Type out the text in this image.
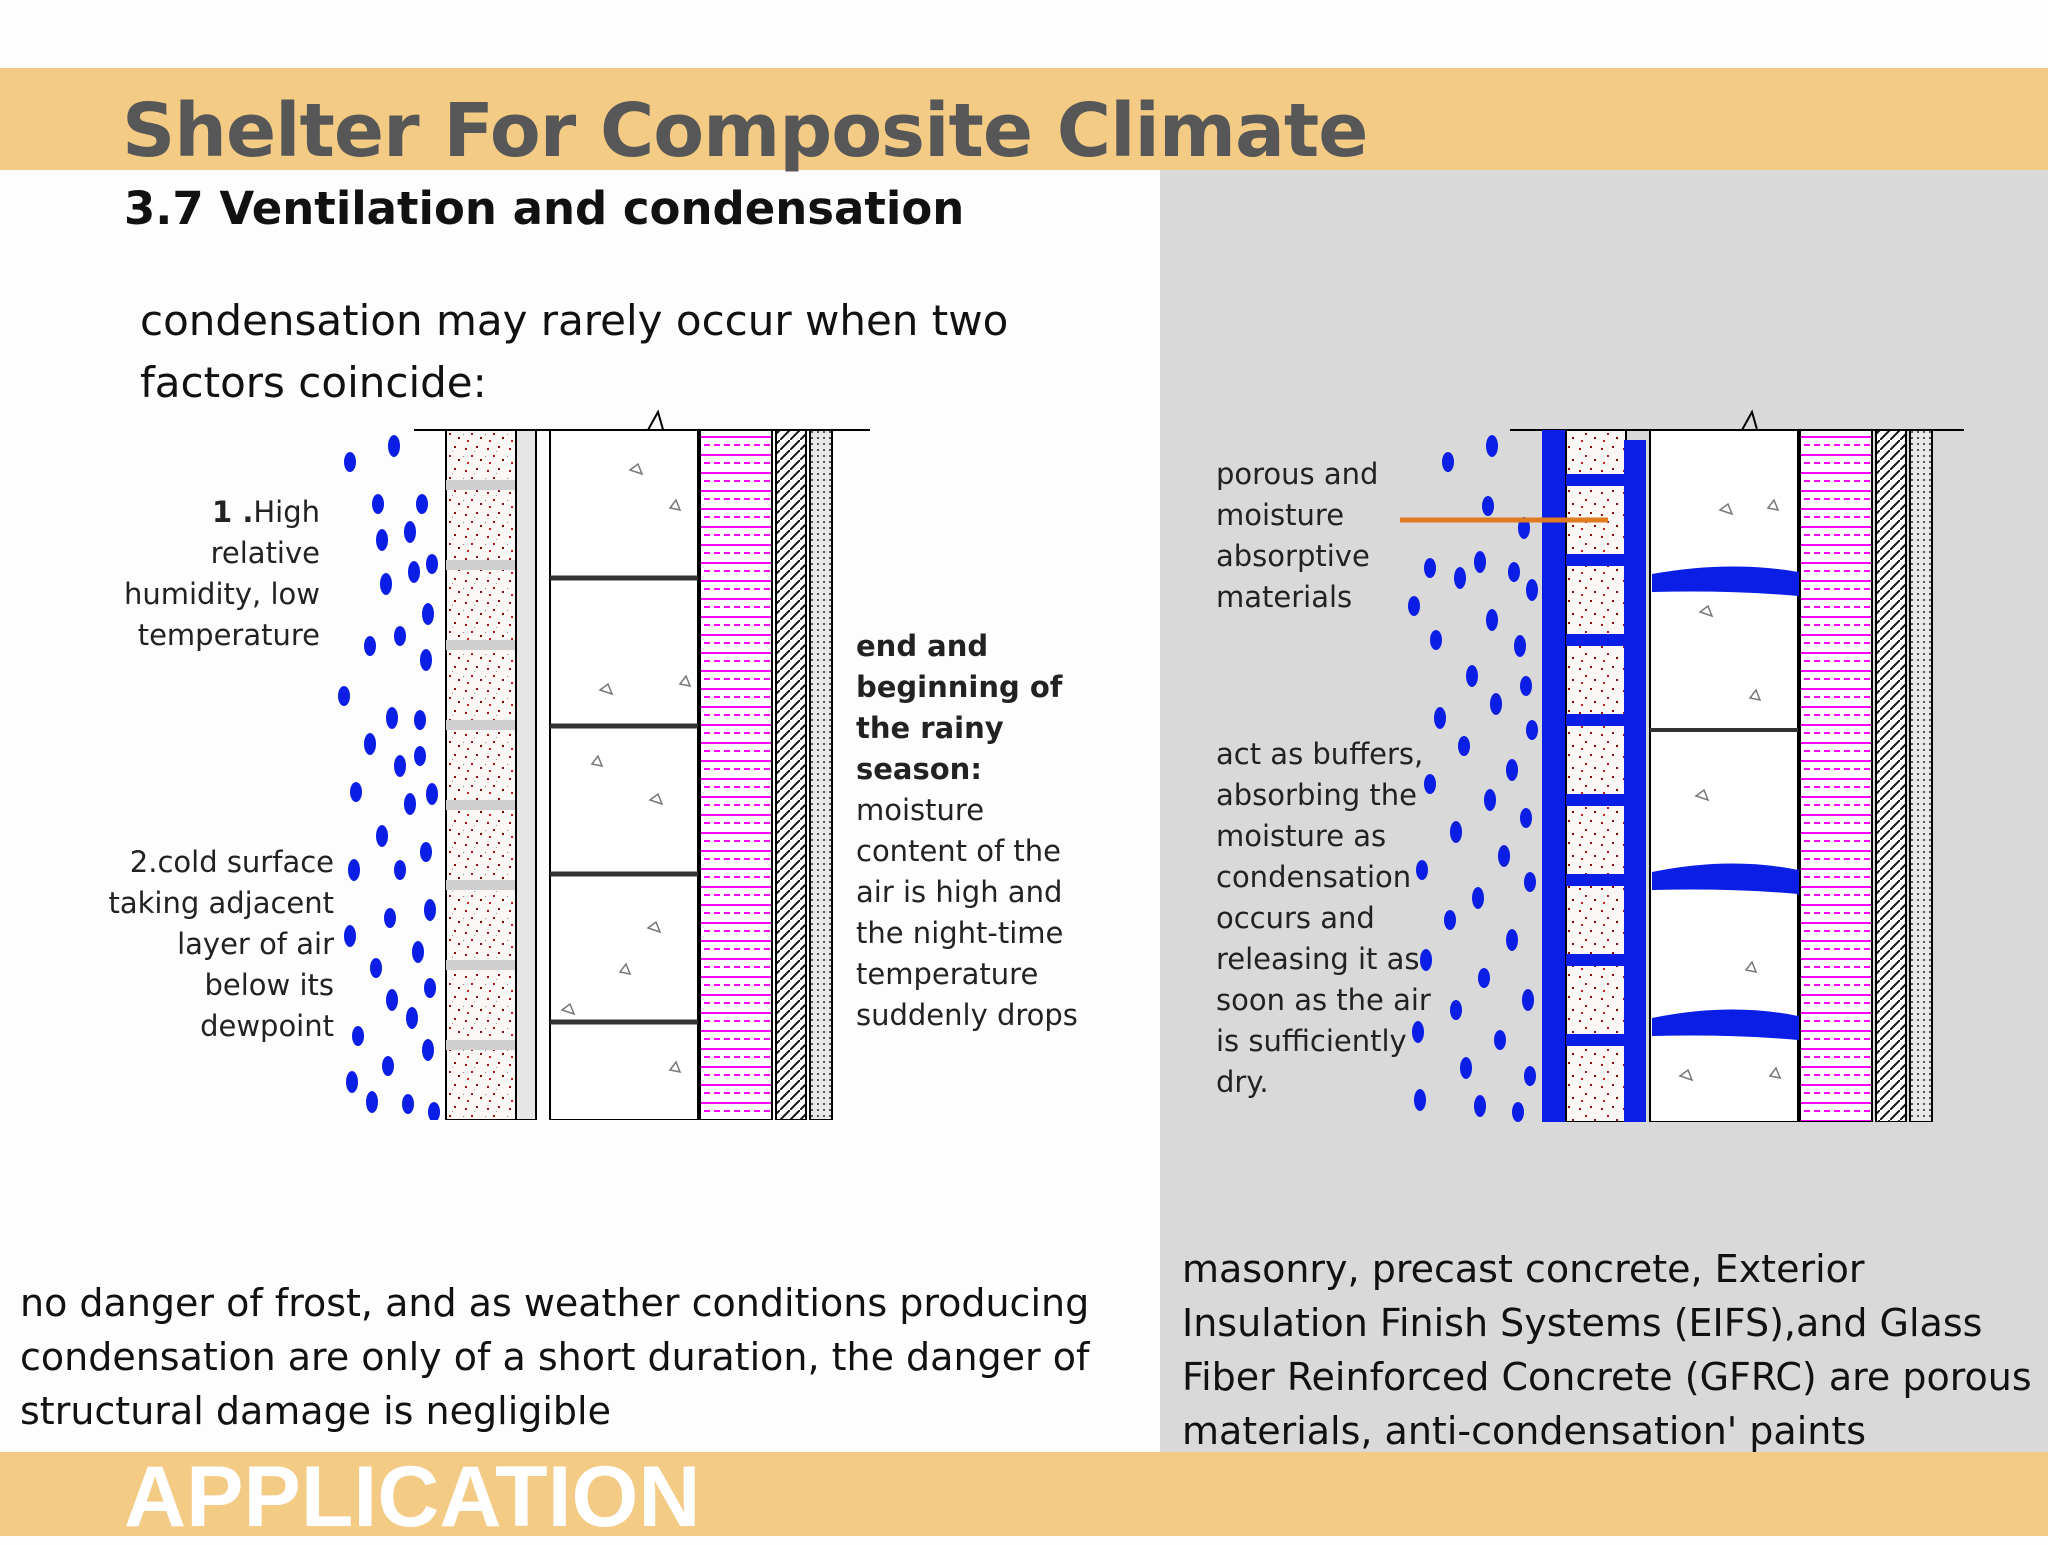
Shelter For Composite Climate
3.7 Ventilation and condensation
condensation may rarely occur when two factors coincide:
1 .High relative humidity, low temperature
2.cold surface taking adjacent layer of air below its dewpoint
end and beginning of the rainy season: moisture content of the air is high and the night-time temperature suddenly drops
porous and moisture absorptive materials
act as buffers, absorbing the moisture as condensation occurs and releasing it as soon as the air is sufficiently dry.
no danger of frost, and as weather conditions producing condensation are only of a short duration, the danger of structural damage is negligible
masonry, precast concrete, Exterior Insulation Finish Systems (EIFS),and Glass Fiber Reinforced Concrete (GFRC) are porous materials, anti-condensation' paints
APPLICATION
